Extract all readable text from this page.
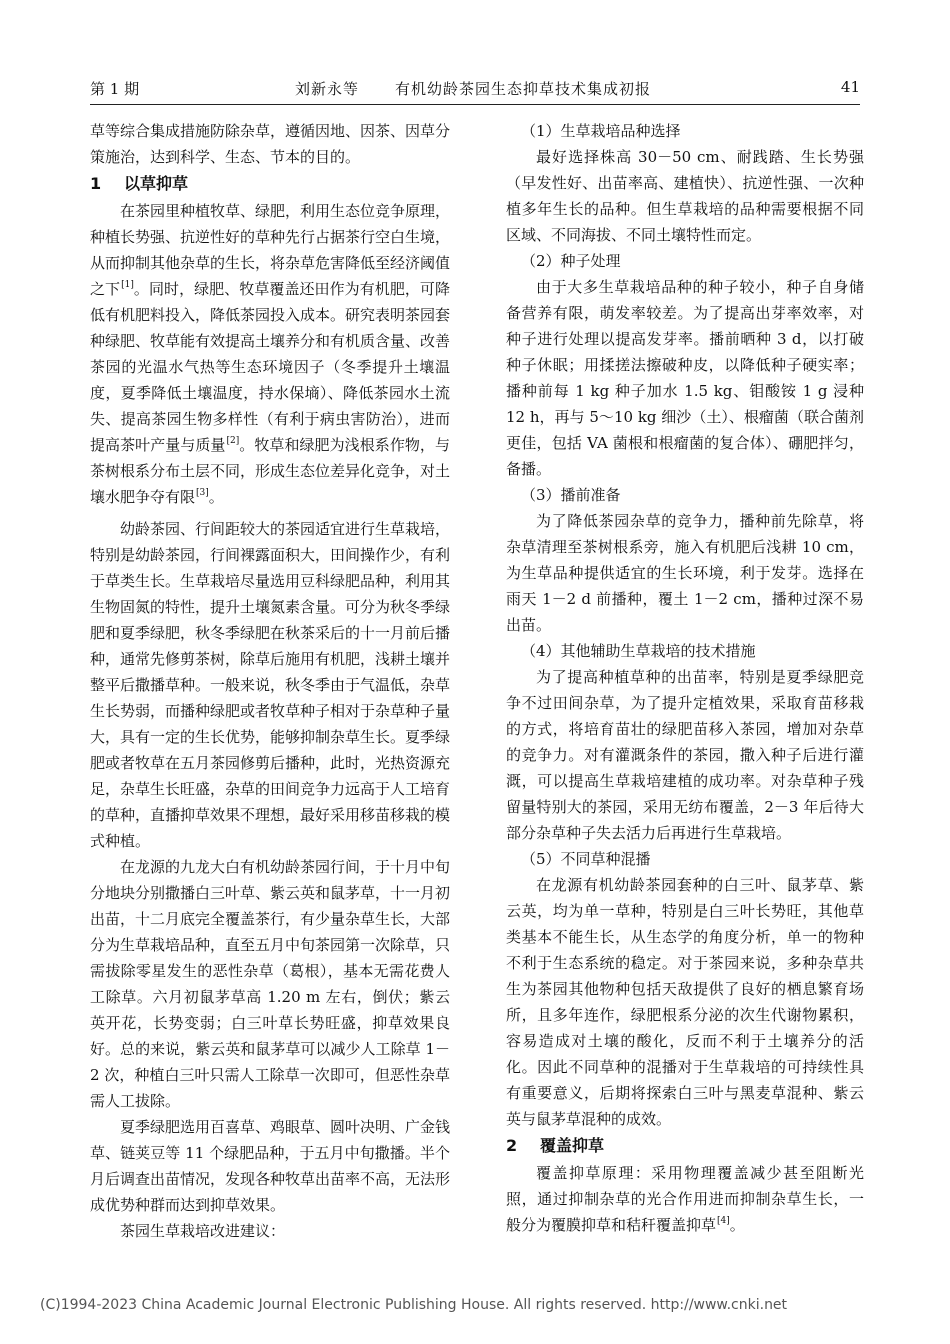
第 1 期	刘新永等 有机幼龄茶园生态抑草技术集成初报	41

草等综合集成措施防除杂草，遵循因地、因茶、因草分策施治，达到科学、生态、节本的目的。

1 以草抑草

在茶园里种植牧草、绿肥，利用生态位竞争原理，种植长势强、抗逆性好的草种先行占据茶行空白生境，从而抑制其他杂草的生长，将杂草危害降低至经济阈值之下[1]。同时，绿肥、牧草覆盖还田作为有机肥，可降低有机肥料投入，降低茶园投入成本。研究表明茶园套种绿肥、牧草能有效提高土壤养分和有机质含量、改善茶园的光温水气热等生态环境因子（冬季提升土壤温度，夏季降低土壤温度，持水保墒）、降低茶园水土流失、提高茶园生物多样性（有利于病虫害防治），进而提高茶叶产量与质量[2]。牧草和绿肥为浅根系作物，与茶树根系分布土层不同，形成生态位差异化竞争，对土壤水肥争夺有限[3]。

幼龄茶园、行间距较大的茶园适宜进行生草栽培，特别是幼龄茶园，行间裸露面积大，田间操作少，有利于草类生长。生草栽培尽量选用豆科绿肥品种，利用其生物固氮的特性，提升土壤氮素含量。可分为秋冬季绿肥和夏季绿肥，秋冬季绿肥在秋茶采后的十一月前后播种，通常先修剪茶树，除草后施用有机肥，浅耕土壤并整平后撒播草种。一般来说，秋冬季由于气温低，杂草生长势弱，而播种绿肥或者牧草种子相对于杂草种子量大，具有一定的生长优势，能够抑制杂草生长。夏季绿肥或者牧草在五月茶园修剪后播种，此时，光热资源充足，杂草生长旺盛，杂草的田间竞争力远高于人工培育的草种，直播抑草效果不理想，最好采用移苗移栽的模式种植。

在龙源的九龙大白有机幼龄茶园行间，于十月中旬分地块分别撒播白三叶草、紫云英和鼠茅草，十一月初出苗，十二月底完全覆盖茶行，有少量杂草生长，大部分为生草栽培品种，直至五月中旬茶园第一次除草，只需拔除零星发生的恶性杂草（葛根），基本无需花费人工除草。六月初鼠茅草高 1.20 m 左右，倒伏；紫云英开花，长势变弱；白三叶草长势旺盛，抑草效果良好。总的来说，紫云英和鼠茅草可以减少人工除草 1－2 次，种植白三叶只需人工除草一次即可，但恶性杂草需人工拔除。

夏季绿肥选用百喜草、鸡眼草、圆叶决明、广金钱草、链荚豆等 11 个绿肥品种，于五月中旬撒播。半个月后调查出苗情况，发现各种牧草出苗率不高，无法形成优势种群而达到抑草效果。

茶园生草栽培改进建议：

（1）生草栽培品种选择

最好选择株高 30－50 cm、耐践踏、生长势强（早发性好、出苗率高、建植快）、抗逆性强、一次种植多年生长的品种。但生草栽培的品种需要根据不同区域、不同海拔、不同土壤特性而定。

（2）种子处理

由于大多生草栽培品种的种子较小，种子自身储备营养有限，萌发率较差。为了提高出芽率效率，对种子进行处理以提高发芽率。播前晒种 3 d，以打破种子休眠；用揉搓法擦破种皮，以降低种子硬实率；播种前每 1 kg 种子加水 1.5 kg、钼酸铵 1 g 浸种 12 h，再与 5～10 kg 细沙（土）、根瘤菌（联合菌剂更佳，包括 VA 菌根和根瘤菌的复合体）、硼肥拌匀，备播。

（3）播前准备

为了降低茶园杂草的竞争力，播种前先除草，将杂草清理至茶树根系旁，施入有机肥后浅耕 10 cm，为生草品种提供适宜的生长环境，利于发芽。选择在雨天 1－2 d 前播种，覆土 1－2 cm，播种过深不易出苗。

（4）其他辅助生草栽培的技术措施

为了提高种植草种的出苗率，特别是夏季绿肥竞争不过田间杂草，为了提升定植效果，采取育苗移栽的方式，将培育苗壮的绿肥苗移入茶园，增加对杂草的竞争力。对有灌溉条件的茶园，撒入种子后进行灌溉，可以提高生草栽培建植的成功率。对杂草种子残留量特别大的茶园，采用无纺布覆盖，2－3 年后待大部分杂草种子失去活力后再进行生草栽培。

（5）不同草种混播

在龙源有机幼龄茶园套种的白三叶、鼠茅草、紫云英，均为单一草种，特别是白三叶长势旺，其他草类基本不能生长，从生态学的角度分析，单一的物种不利于生态系统的稳定。对于茶园来说，多种杂草共生为茶园其他物种包括天敌提供了良好的栖息繁育场所，且多年连作，绿肥根系分泌的次生代谢物累积，容易造成对土壤的酸化，反而不利于土壤养分的活化。因此不同草种的混播对于生草栽培的可持续性具有重要意义，后期将探索白三叶与黑麦草混种、紫云英与鼠茅草混种的成效。

2 覆盖抑草

覆盖抑草原理：采用物理覆盖减少甚至阻断光照，通过抑制杂草的光合作用进而抑制杂草生长，一般分为覆膜抑草和秸秆覆盖抑草[4]。

(C)1994-2023 China Academic Journal Electronic Publishing House. All rights reserved. http://www.cnki.net
